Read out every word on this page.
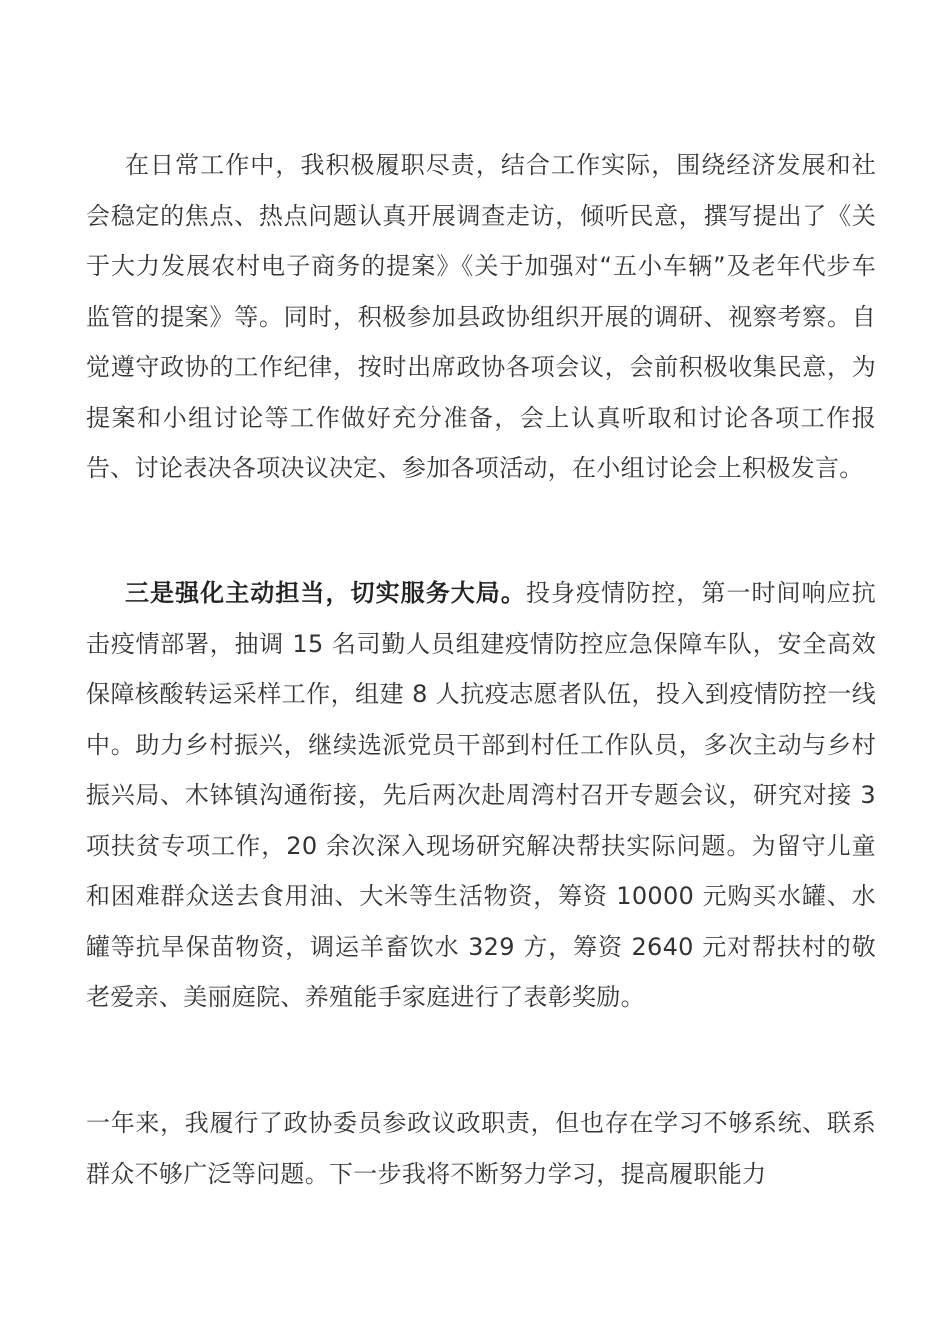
在日常工作中，我积极履职尽责，结合工作实际，围绕经济发展和社会稳定的焦点、热点问题认真开展调查走访，倾听民意，撰写提出了《关于大力发展农村电子商务的提案》《关于加强对“五小车辆”及老年代步车监管的提案》等。同时，积极参加县政协组织开展的调研、视察考察。自觉遵守政协的工作纪律，按时出席政协各项会议，会前积极收集民意，为提案和小组讨论等工作做好充分准备，会上认真听取和讨论各项工作报告、讨论表决各项决议决定、参加各项活动，在小组讨论会上积极发言。

三是强化主动担当，切实服务大局。投身疫情防控，第一时间响应抗击疫情部署，抽调 15 名司勤人员组建疫情防控应急保障车队，安全高效保障核酸转运采样工作，组建 8 人抗疫志愿者队伍，投入到疫情防控一线中。助力乡村振兴，继续选派党员干部到村任工作队员，多次主动与乡村振兴局、木钵镇沟通衔接，先后两次赴周湾村召开专题会议，研究对接 3 项扶贫专项工作，20 余次深入现场研究解决帮扶实际问题。为留守儿童和困难群众送去食用油、大米等生活物资，筹资 10000 元购买水罐、水罐等抗旱保苗物资，调运羊畜饮水 329 方，筹资 2640 元对帮扶村的敬老爱亲、美丽庭院、养殖能手家庭进行了表彰奖励。

一年来，我履行了政协委员参政议政职责，但也存在学习不够系统、联系群众不够广泛等问题。下一步我将不断努力学习，提高履职能力
